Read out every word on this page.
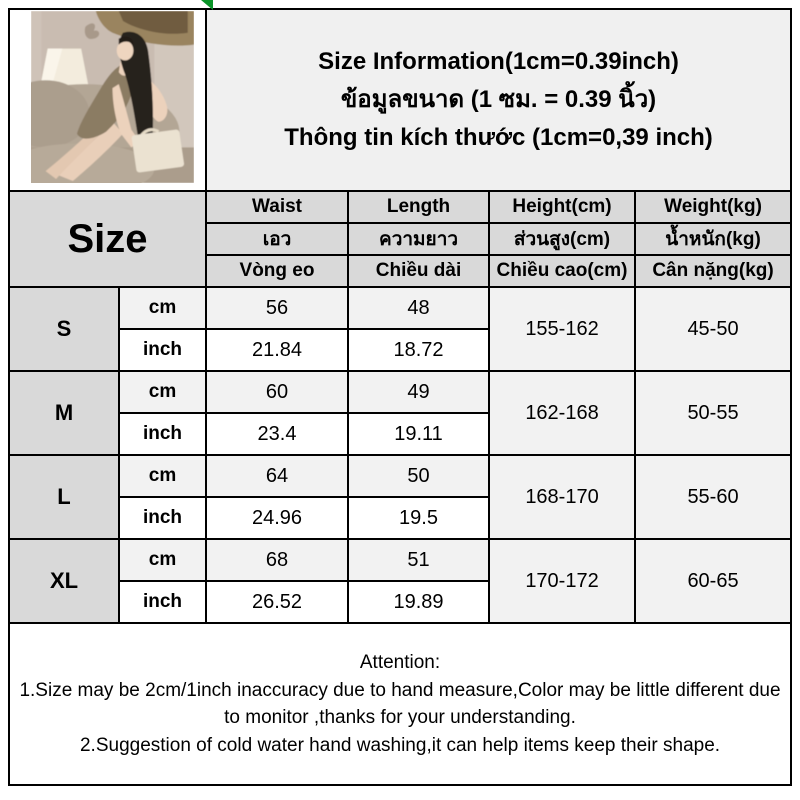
Size Information(1cm=0.39inch)
ข้อมูลขนาด (1 ซม. = 0.39 นิ้ว)
Thông tin kích thước (1cm=0,39 inch)			

Size		Waist	Length	Height(cm)	Weight(kg)
		เอว	ความยาว	ส่วนสูง(cm)	น้ำหนัก(kg)
		Vòng eo	Chiều dài	Chiều cao(cm)	Cân nặng(kg)
S	cm	56	48	155-162	45-50
	inch	21.84	18.72		
M	cm	60	49	162-168	50-55
	inch	23.4	19.11		
L	cm	64	50	168-170	55-60
	inch	24.96	19.5		
XL	cm	68	51	170-172	60-65
	inch	26.52	19.89		

Attention:
1.Size may be 2cm/1inch inaccuracy due to hand measure,Color may be little different due to monitor ,thanks for your understanding.
2.Suggestion of cold water hand washing,it can help items keep their shape.					
